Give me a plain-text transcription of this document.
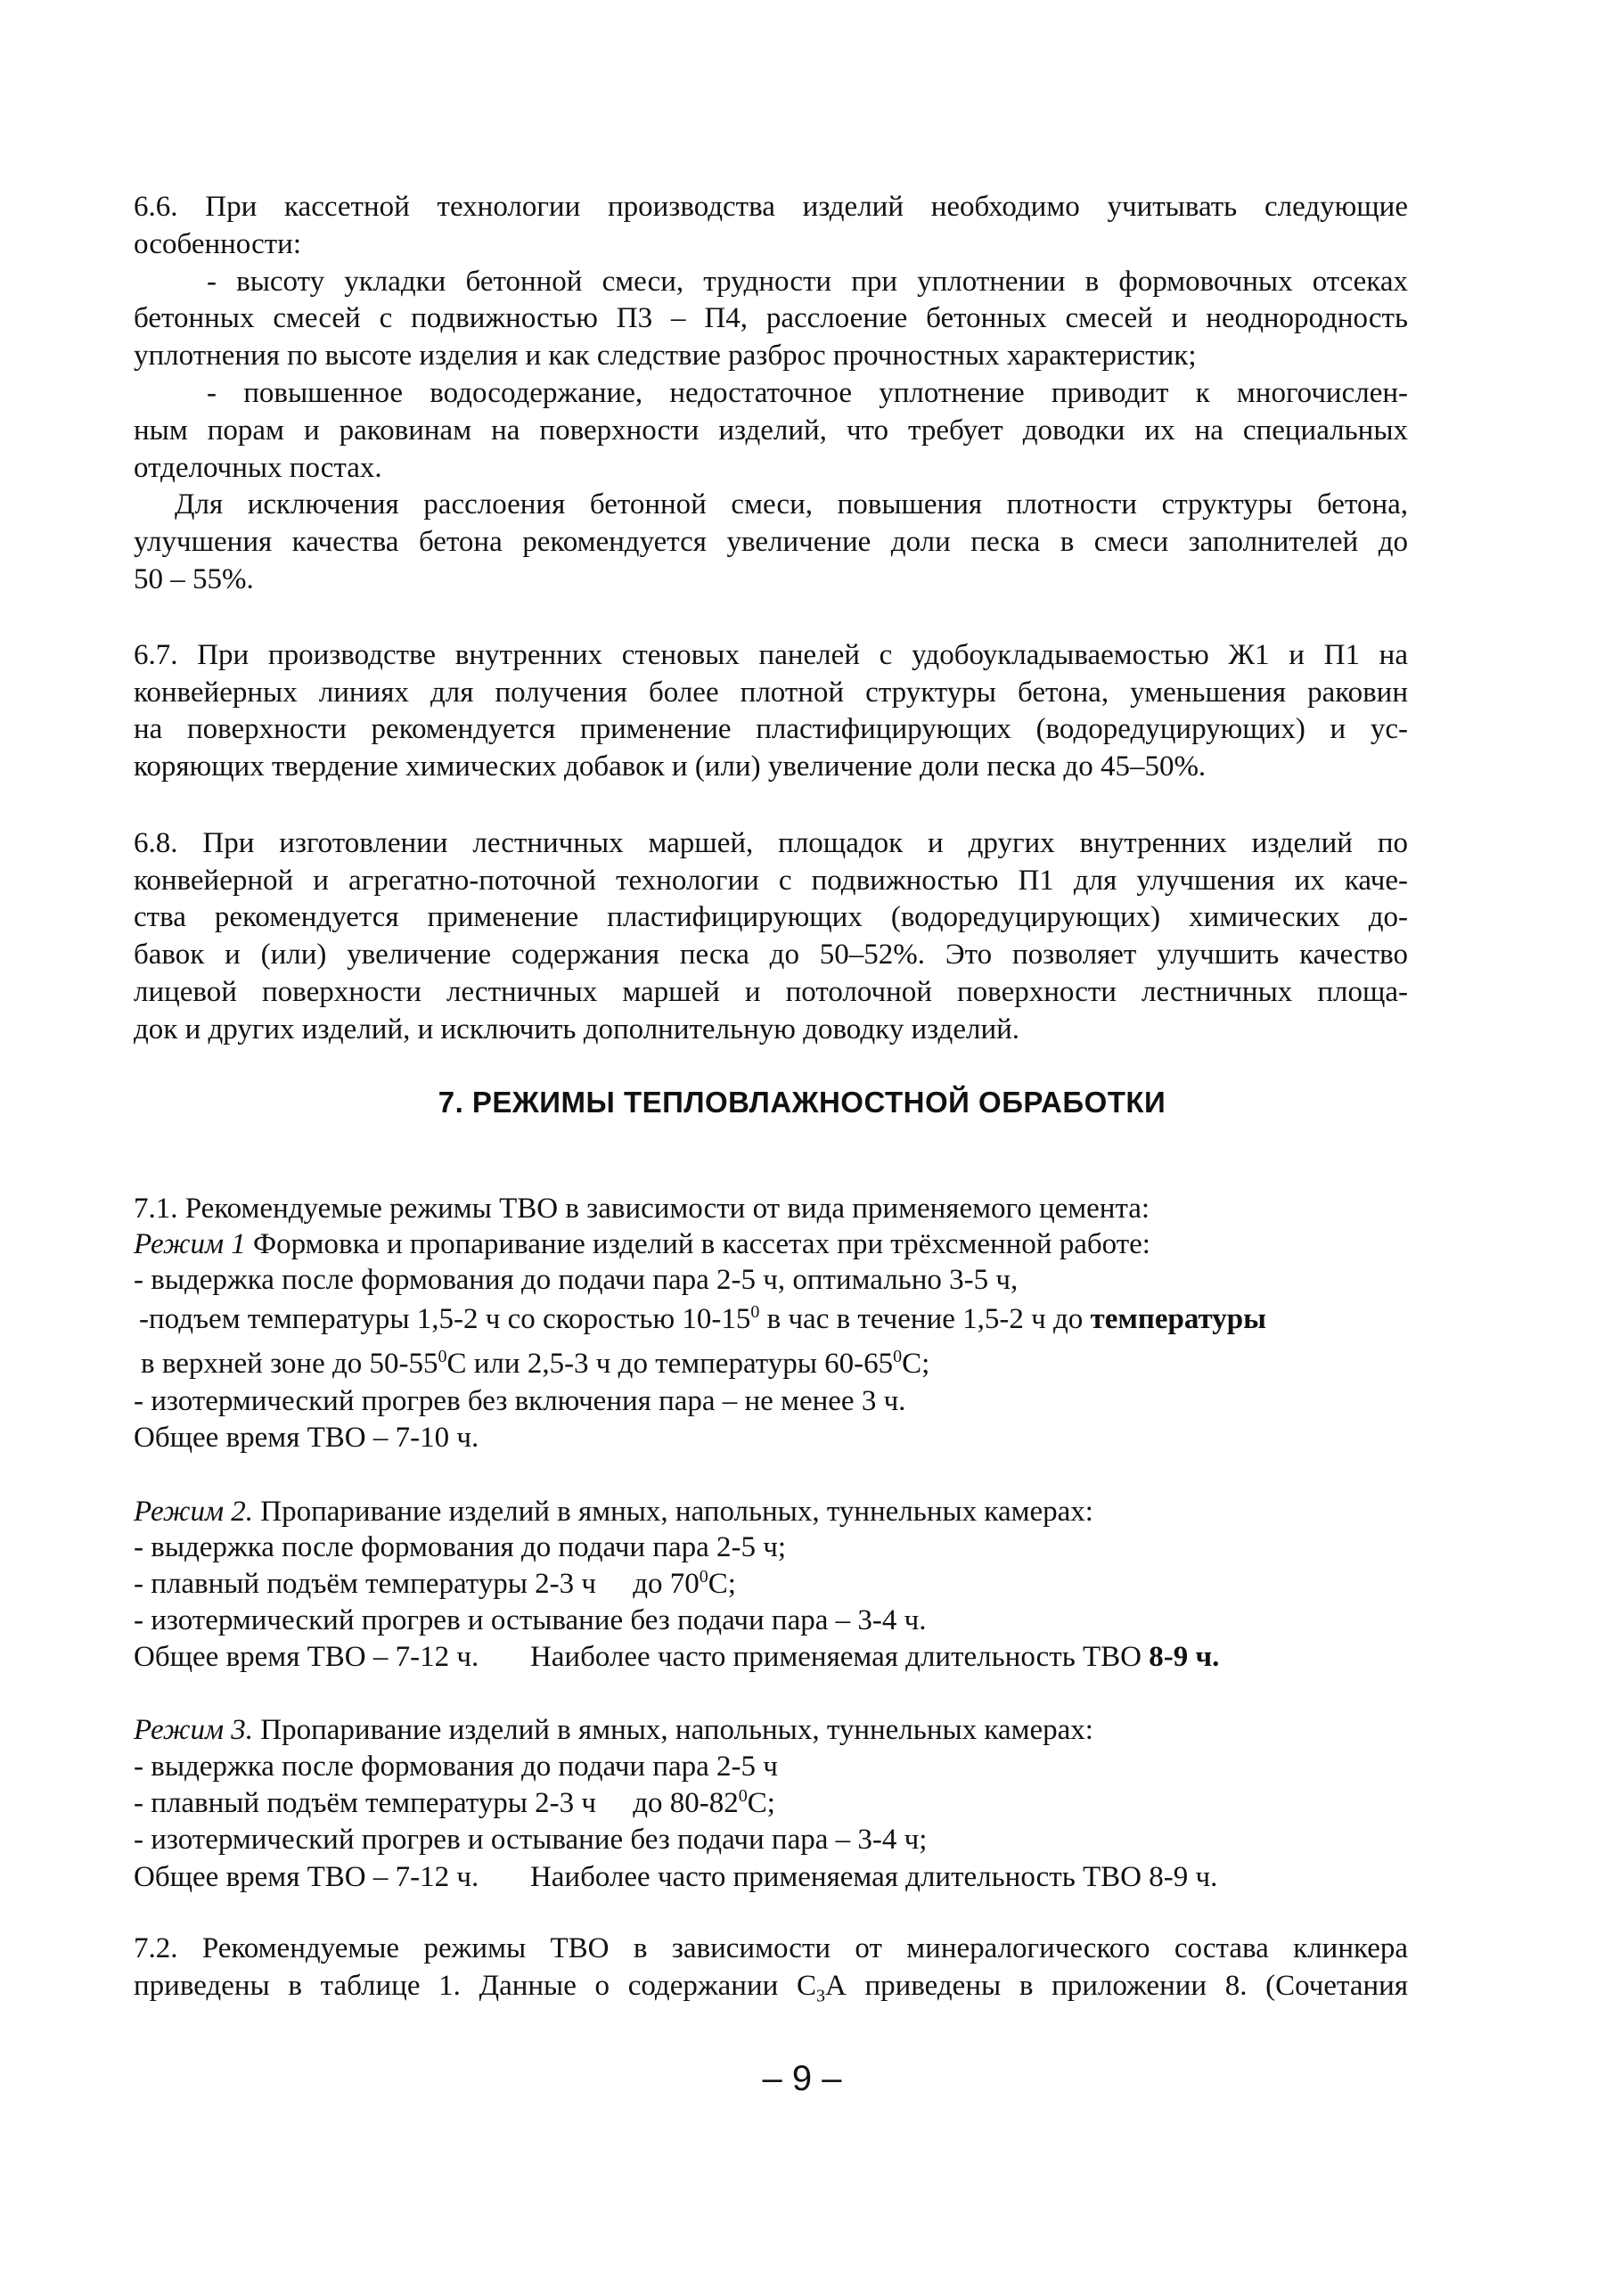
6.6. При кассетной технологии производства изделий необходимо учитывать следующие
особенности:
- высоту укладки бетонной смеси, трудности при уплотнении в формовочных отсеках
бетонных смесей с подвижностью П3 – П4, расслоение бетонных смесей и неоднородность
уплотнения по высоте изделия и как следствие разброс прочностных характеристик;
- повышенное водосодержание, недостаточное уплотнение приводит к многочислен-
ным порам и раковинам на поверхности изделий, что требует доводки их на специальных
отделочных постах.
Для исключения расслоения бетонной смеси, повышения плотности структуры бетона,
улучшения качества бетона рекомендуется увеличение доли песка в смеси заполнителей до
50 – 55%.
6.7. При производстве внутренних стеновых панелей с удобоукладываемостью Ж1 и П1 на
конвейерных линиях для получения более плотной структуры бетона, уменьшения раковин
на поверхности рекомендуется применение пластифицирующих (водоредуцирующих) и ус-
коряющих твердение химических добавок и (или) увеличение доли песка до 45–50%.
6.8. При изготовлении лестничных маршей, площадок и других внутренних изделий по
конвейерной и агрегатно-поточной технологии с подвижностью П1 для улучшения их каче-
ства рекомендуется применение пластифицирующих (водоредуцирующих) химических до-
бавок и (или) увеличение содержания песка до 50–52%. Это позволяет улучшить качество
лицевой поверхности лестничных маршей и потолочной поверхности лестничных площа-
док и других изделий, и исключить дополнительную доводку изделий.
7. РЕЖИМЫ ТЕПЛОВЛАЖНОСТНОЙ ОБРАБОТКИ
7.1. Рекомендуемые режимы ТВО в зависимости от вида применяемого цемента:
Режим 1 Формовка и пропаривание изделий в кассетах при трёхсменной работе:
- выдержка после формования до подачи пара 2-5 ч, оптимально 3-5 ч,
-подъем температуры 1,5-2 ч со скоростью $10-15^0$ в час в течение 1,5-2 ч до температуры
в верхней зоне до $50-55^0С$ или 2,5-3 ч до температуры $60-65^0С$;
- изотермический прогрев без включения пара – не менее 3 ч.
Общее время ТВО – 7-10 ч.
Режим 2. Пропаривание изделий в ямных, напольных, туннельных камерах:
- выдержка после формования до подачи пара 2-5 ч;
- плавный подъём температуры 2-3 ч     до $70^0С$;
- изотермический прогрев и остывание без подачи пара – 3-4 ч.
Общее время ТВО – 7-12 ч.       Наиболее часто применяемая длительность ТВО 8-9 ч.
Режим 3. Пропаривание изделий в ямных, напольных, туннельных камерах:
- выдержка после формования до подачи пара 2-5 ч
- плавный подъём температуры 2-3 ч     до $80-82^0С$;
- изотермический прогрев и остывание без подачи пара – 3-4 ч;
Общее время ТВО – 7-12 ч.       Наиболее часто применяемая длительность ТВО 8-9 ч.
7.2. Рекомендуемые режимы ТВО в зависимости от минералогического состава клинкера
приведены в таблице 1. Данные о содержании $С_3А$ приведены в приложении 8. (Сочетания
– 9 –
